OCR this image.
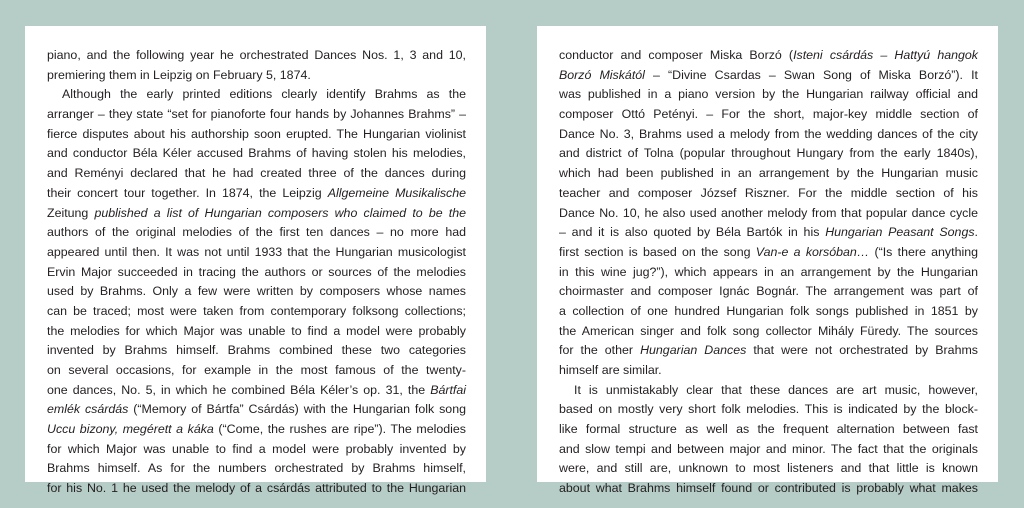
piano, and the following year he orchestrated Dances Nos. 1, 3 and 10,
premiering them in Leipzig on February 5, 1874.
Although the early printed editions clearly identify Brahms as the
arranger – they state “set for pianoforte four hands by Johannes Brahms” –
fierce disputes about his authorship soon erupted. The Hungarian violinist
and conductor Béla Kéler accused Brahms of having stolen his melodies,
and Reményi declared that he had created three of the dances during
their concert tour together. In 1874, the Leipzig Allgemeine Musikalische
Zeitung published a list of Hungarian composers who claimed to be the
authors of the original melodies of the first ten dances – no more had
appeared until then. It was not until 1933 that the Hungarian musicologist
Ervin Major succeeded in tracing the authors or sources of the melodies
used by Brahms. Only a few were written by composers whose names
can be traced; most were taken from contemporary folksong collections;
the melodies for which Major was unable to find a model were probably
invented by Brahms himself. Brahms combined these two categories
on several occasions, for example in the most famous of the twenty-
one dances, No. 5, in which he combined Béla Kéler’s op. 31, the Bártfai
emlék csárdás (“Memory of Bártfa” Csárdás) with the Hungarian folk song
Uccu bizony, megérett a káka (“Come, the rushes are ripe”). The melodies
for which Major was unable to find a model were probably invented by
Brahms himself. As for the numbers orchestrated by Brahms himself,
for his No. 1 he used the melody of a csárdás attributed to the Hungarian
conductor and composer Miska Borzó (Isteni csárdás – Hattyú hangok
Borzó Miskától – “Divine Csardas – Swan Song of Miska Borzó”). It
was published in a piano version by the Hungarian railway official and
composer Ottó Petényi. – For the short, major-key middle section of
Dance No. 3, Brahms used a melody from the wedding dances of the city
and district of Tolna (popular throughout Hungary from the early 1840s),
which had been published in an arrangement by the Hungarian music
teacher and composer József Riszner. For the middle section of his
Dance No. 10, he also used another melody from that popular dance cycle
– and it is also quoted by Béla Bartók in his Hungarian Peasant Songs.
first section is based on the song Van-e a korsóban… (“Is there anything
in this wine jug?”), which appears in an arrangement by the Hungarian
choirmaster and composer Ignác Bognár. The arrangement was part of
a collection of one hundred Hungarian folk songs published in 1851 by
the American singer and folk song collector Mihály Füredy. The sources
for the other Hungarian Dances that were not orchestrated by Brahms
himself are similar.
It is unmistakably clear that these dances are art music, however,
based on mostly very short folk melodies. This is indicated by the block-
like formal structure as well as the frequent alternation between fast
and slow tempi and between major and minor. The fact that the originals
were, and still are, unknown to most listeners and that little is known
about what Brahms himself found or contributed is probably what makes
